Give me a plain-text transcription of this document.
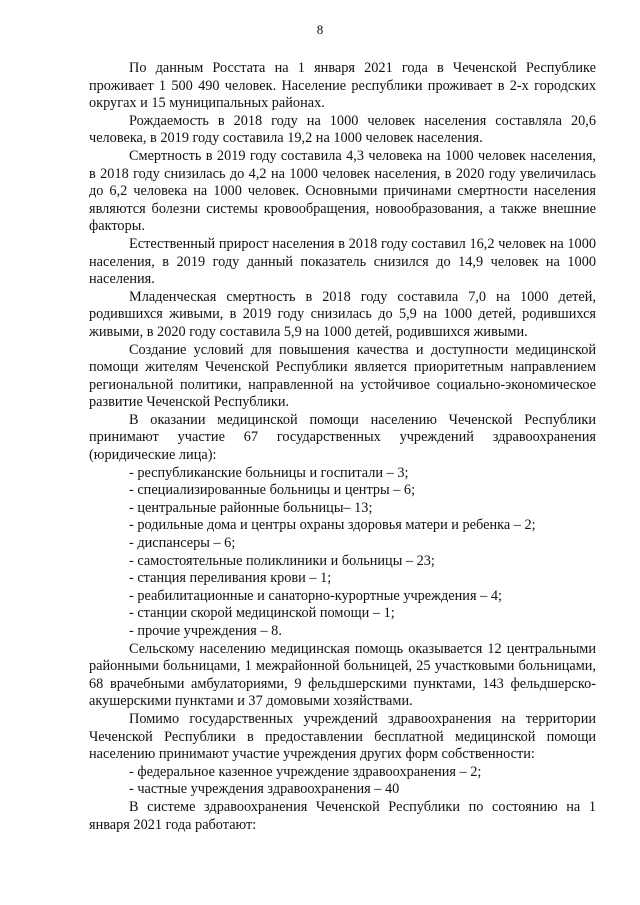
8

По данным Росстата на 1 января 2021 года в Чеченской Республике проживает 1 500 490 человек. Население республики проживает в 2-х городских округах и 15 муниципальных районах.

Рождаемость в 2018 году на 1000 человек населения составляла 20,6 человека, в 2019 году составила 19,2 на 1000 человек населения.

Смертность в 2019 году составила 4,3 человека на 1000 человек населения, в 2018 году снизилась до 4,2 на 1000 человек населения, в 2020 году увеличилась до 6,2 человека на 1000 человек. Основными причинами смертности населения являются болезни системы кровообращения, новообразования, а также внешние факторы.

Естественный прирост населения в 2018 году составил 16,2 человек на 1000 населения, в 2019 году данный показатель снизился до 14,9 человек на 1000 населения.

Младенческая смертность в 2018 году составила 7,0 на 1000 детей, родившихся живыми, в 2019 году снизилась до 5,9 на 1000 детей, родившихся живыми, в 2020 году составила 5,9 на 1000 детей, родившихся живыми.

Создание условий для повышения качества и доступности медицинской помощи жителям Чеченской Республики является приоритетным направлением региональной политики, направленной на устойчивое социально-экономическое развитие Чеченской Республики.

В оказании медицинской помощи населению Чеченской Республики принимают участие 67 государственных учреждений здравоохранения (юридические лица):

- республиканские больницы и госпитали – 3;

- специализированные больницы и центры – 6;

- центральные районные больницы– 13;

- родильные дома и центры охраны здоровья матери и ребенка – 2;

- диспансеры – 6;

- самостоятельные поликлиники и больницы – 23;

- станция переливания крови – 1;

- реабилитационные и санаторно-курортные учреждения – 4;

- станции скорой медицинской помощи – 1;

- прочие учреждения – 8.

Сельскому населению медицинская помощь оказывается 12 центральными районными больницами, 1 межрайонной больницей, 25 участковыми больницами, 68 врачебными амбулаториями, 9 фельдшерскими пунктами, 143 фельдшерско-акушерскими пунктами и 37 домовыми хозяйствами.

Помимо государственных учреждений здравоохранения на территории Чеченской Республики в предоставлении бесплатной медицинской помощи населению принимают участие учреждения других форм собственности:

- федеральное казенное учреждение здравоохранения – 2;

- частные учреждения здравоохранения – 40

В системе здравоохранения Чеченской Республики по состоянию на 1 января 2021 года работают:
